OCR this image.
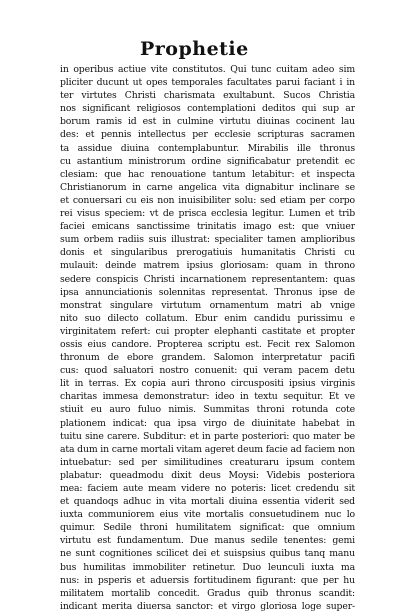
Prophetie
in operibus actiue vite constitutos. Qui tunc cuitam adeo sim
pliciter ducunt ut opes temporales facultates parui faciant i in
ter virtutes Christi charismata exultabunt. Sucos Christia
nos significant religiosos contemplationi deditos qui sup ar
borum ramis id est in culmine virtutu diuinas cocinent lau
des: et pennis intellectus per ecclesie scripturas sacramen
ta assidue diuina contemplabuntur. Mirabilis ille thronus
cu astantium ministrorum ordine significabatur pretendit ec
clesiam: que hac renouatione tantum letabitur: et inspecta
Christianorum in carne angelica vita dignabitur inclinare se
et conuersari cu eis non inuisibiliter solu: sed etiam per corpo
rei visus speciem: vt de prisca ecclesia legitur. Lumen et trib
faciei emicans sanctissime trinitatis imago est: que vniuer
sum orbem radiis suis illustrat: specialiter tamen amplioribus
donis et singularibus prerogatiuis humanitatis Christi cu
mulauit: deinde matrem ipsius gloriosam: quam in throno
sedere conspicis Christi incarnationem representantem: quas
ipsa annunciationis solennitas representat. Thronus ipse de
monstrat singulare virtutum ornamentum matri ab vnige
nito suo dilecto collatum. Ebur enim candidu purissimu e
virginitatem refert: cui propter elephanti castitate et propter
ossis eius candore. Propterea scriptu est. Fecit rex Salomon
thronum de ebore grandem. Salomon interpretatur pacifi
cus: quod saluatori nostro conuenit: qui veram pacem detu
lit in terras. Ex copia auri throno circuspositi ipsius virginis
charitas immesa demonstratur: ideo in textu sequitur. Et ve
stiuit eu auro fuluo nimis. Summitas throni rotunda cote
plationem indicat: qua ipsa virgo de diuinitate habebat in
tuitu sine carere. Subditur: et in parte posteriori: quo mater be
ata dum in carne mortali vitam ageret deum facie ad faciem non
intuebatur: sed per similitudines creaturaru ipsum contem
plabatur: queadmodu dixit deus Moysi: Videbis posteriora
mea: faciem aute meam videre no poteris: licet credendu sit
et quandoqs adhuc in vita mortali diuina essentia viderit sed
iuxta communiorem eius vite mortalis consuetudinem nuc lo
quimur. Sedile throni humilitatem significat: que omnium
virtutu est fundamentum. Due manus sedile tenentes: gemi
ne sunt cognitiones scilicet dei et suispsius quibus tanq manu
bus humilitas immobiliter retinetur. Duo leunculi iuxta ma
nus: in psperis et aduersis fortitudinem figurant: que per hu
militatem mortalib concedit. Gradus quib thronus scandit:
indicant merita diuersa sanctor: et virgo gloriosa loge super-
